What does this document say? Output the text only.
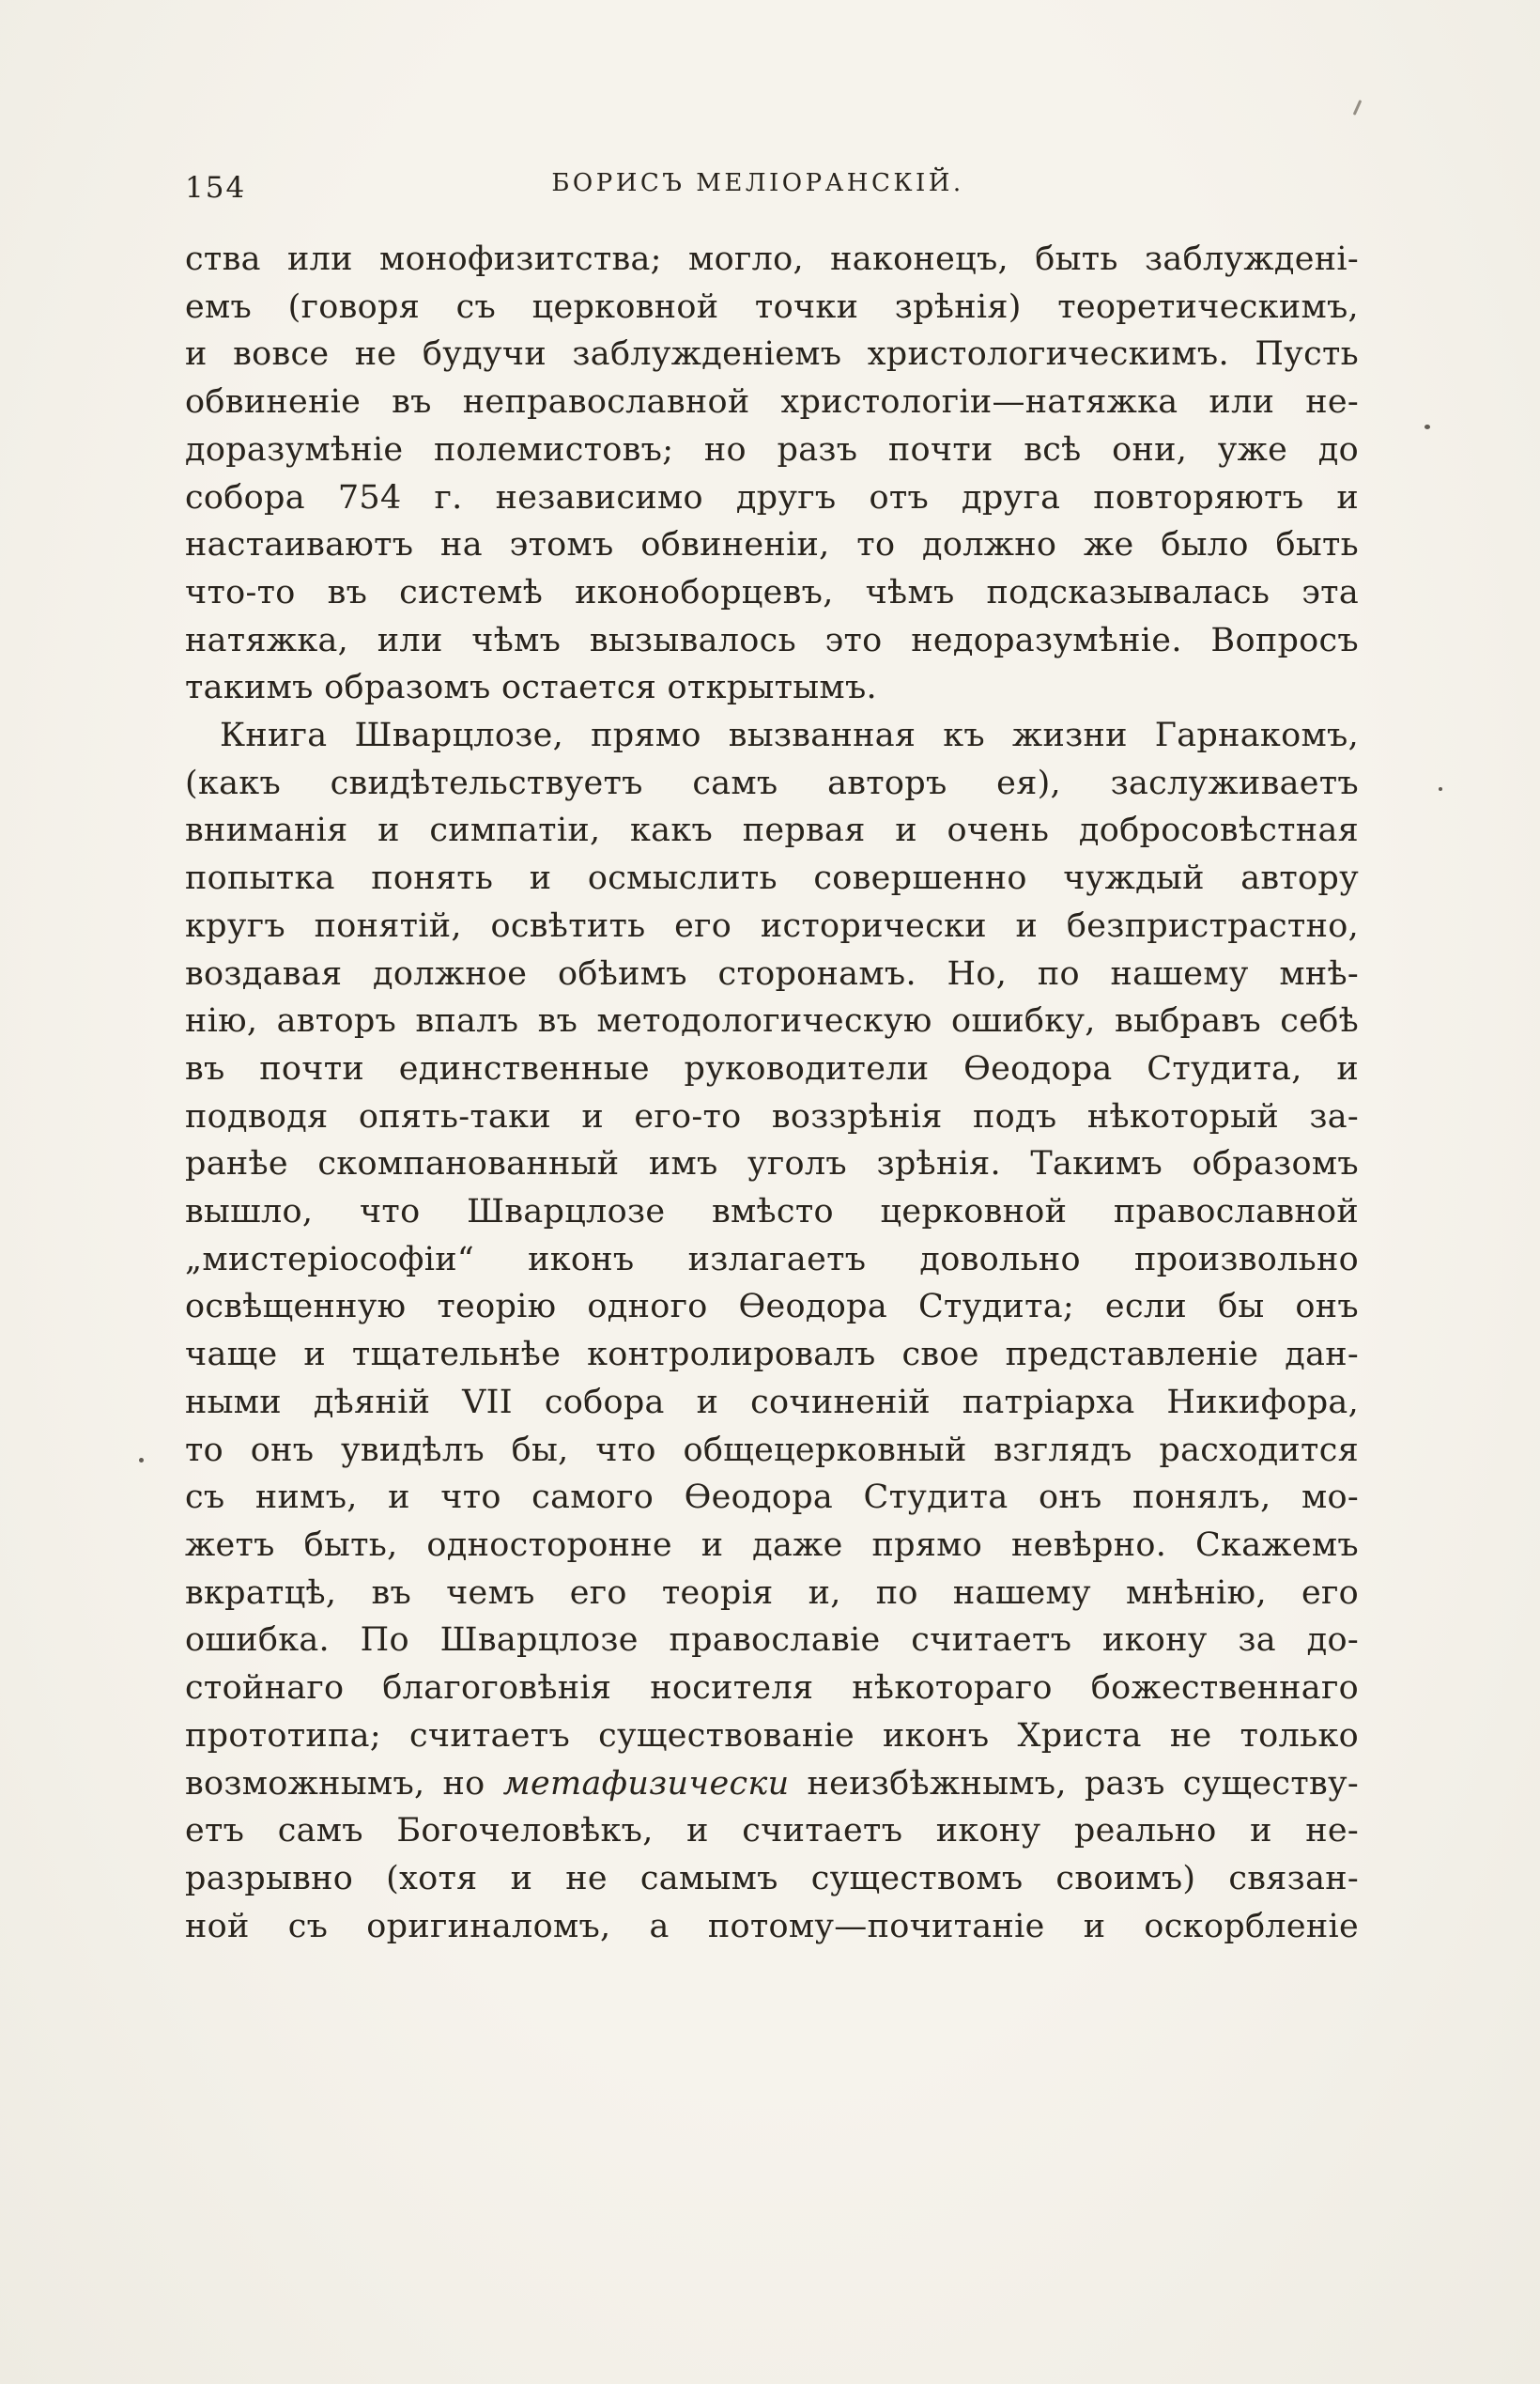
154	БОРИСЪ МЕЛІОРАНСКІЙ.
ства или монофизитства; могло, наконецъ, быть заблужденi-
емъ (говоря съ церковной точки зрѣнія) теоретическимъ,
и вовсе не будучи заблужденіемъ христологическимъ. Пусть
обвиненіе въ неправославной христологіи—натяжка или не-
доразумѣніе полемистовъ; но разъ почти всѣ они, уже до
собора 754 г. независимо другъ отъ друга повторяютъ и
настаиваютъ на этомъ обвиненіи, то должно же было быть
что-то въ системѣ иконоборцевъ, чѣмъ подсказывалась эта
натяжка, или чѣмъ вызывалось это недоразумѣніе. Вопросъ
такимъ образомъ остается открытымъ.
Книга Шварцлозе, прямо вызванная къ жизни Гарнакомъ,
(какъ свидѣтельствуетъ самъ авторъ ея), заслуживаетъ
вниманія и симпатіи, какъ первая и очень добросовѣстная
попытка понять и осмыслить совершенно чуждый автору
кругъ понятій, освѣтить его исторически и безпристрастно,
воздавая должное обѣимъ сторонамъ. Но, по нашему мнѣ-
нію, авторъ впалъ въ методологическую ошибку, выбравъ себѣ
въ почти единственные руководители Ѳеодора Студита, и
подводя опять-таки и его-то воззрѣнія подъ нѣкоторый за-
ранѣе скомпанованный имъ уголъ зрѣнія. Такимъ образомъ
вышло, что Шварцлозе вмѣсто церковной православной
„мистеріософіи“ иконъ излагаетъ довольно произвольно
освѣщенную теорію одного Ѳеодора Студита; если бы онъ
чаще и тщательнѣе контролировалъ свое представленіе дан-
ными дѣяній VII собора и сочиненій патріарха Никифора,
то онъ увидѣлъ бы, что общецерковный взглядъ расходится
съ нимъ, и что самого Ѳеодора Студита онъ понялъ, мо-
жетъ быть, односторонне и даже прямо невѣрно. Скажемъ
вкратцѣ, въ чемъ его теорія и, по нашему мнѣнію, его
ошибка. По Шварцлозе православіе считаетъ икону за до-
стойнаго благоговѣнія носителя нѣкотораго божественнаго
прототипа; считаетъ существованіе иконъ Христа не только
возможнымъ, но метафизически неизбѣжнымъ, разъ существу-
етъ самъ Богочеловѣкъ, и считаетъ икону реально и не-
разрывно (хотя и не самымъ существомъ своимъ) связан-
ной съ оригиналомъ, а потому—почитаніе и оскорбленіе
